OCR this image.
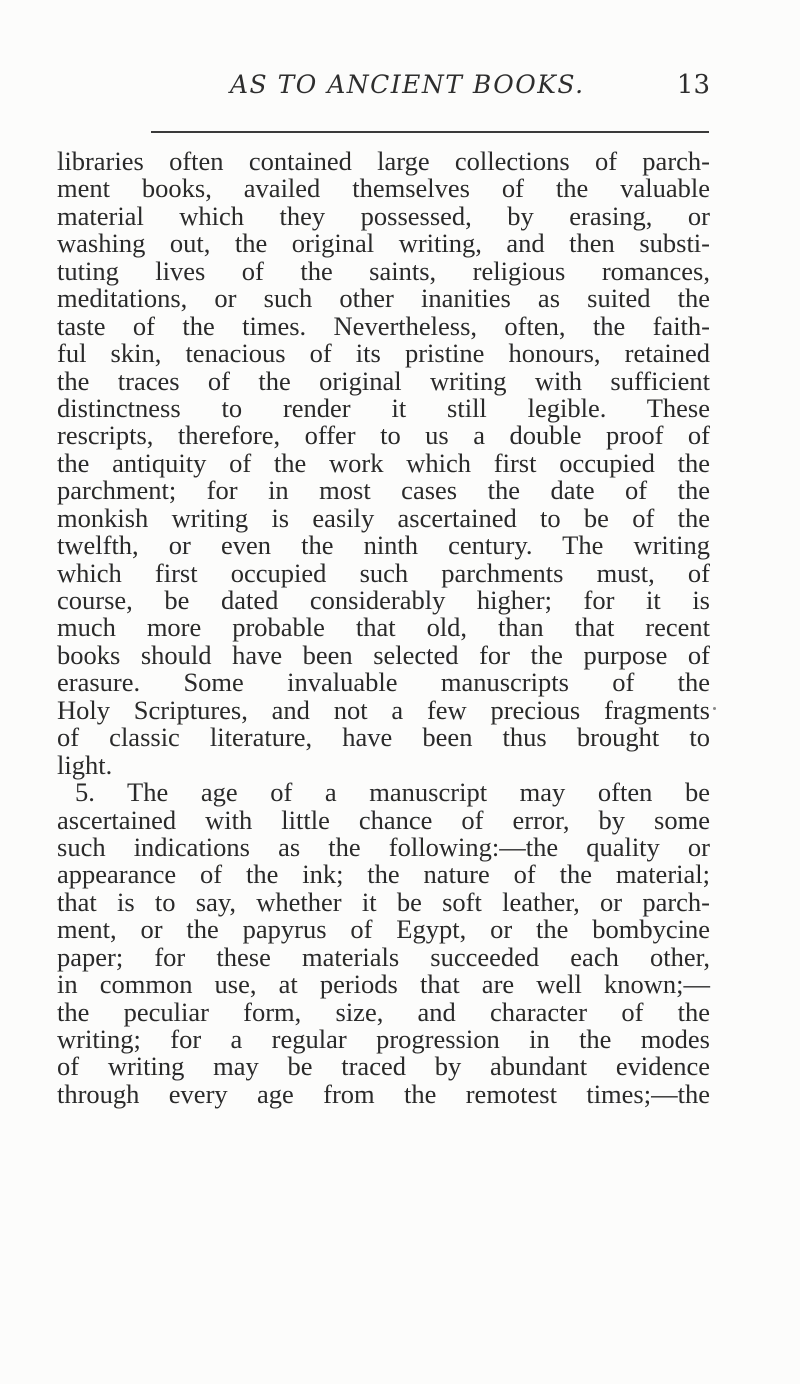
AS TO ANCIENT BOOKS.	13
libraries often contained large collections of parch-
ment books, availed themselves of the valuable
material which they possessed, by erasing, or
washing out, the original writing, and then substi-
tuting lives of the saints, religious romances,
meditations, or such other inanities as suited the
taste of the times. Nevertheless, often, the faith-
ful skin, tenacious of its pristine honours, retained
the traces of the original writing with sufficient
distinctness to render it still legible. These
rescripts, therefore, offer to us a double proof of
the antiquity of the work which first occupied the
parchment; for in most cases the date of the
monkish writing is easily ascertained to be of the
twelfth, or even the ninth century. The writing
which first occupied such parchments must, of
course, be dated considerably higher; for it is
much more probable that old, than that recent
books should have been selected for the purpose of
erasure. Some invaluable manuscripts of the
Holy Scriptures, and not a few precious fragments
of classic literature, have been thus brought to
light.
5. The age of a manuscript may often be
ascertained with little chance of error, by some
such indications as the following:—the quality or
appearance of the ink; the nature of the material;
that is to say, whether it be soft leather, or parch-
ment, or the papyrus of Egypt, or the bombycine
paper; for these materials succeeded each other,
in common use, at periods that are well known;—
the peculiar form, size, and character of the
writing; for a regular progression in the modes
of writing may be traced by abundant evidence
through every age from the remotest times;—the
